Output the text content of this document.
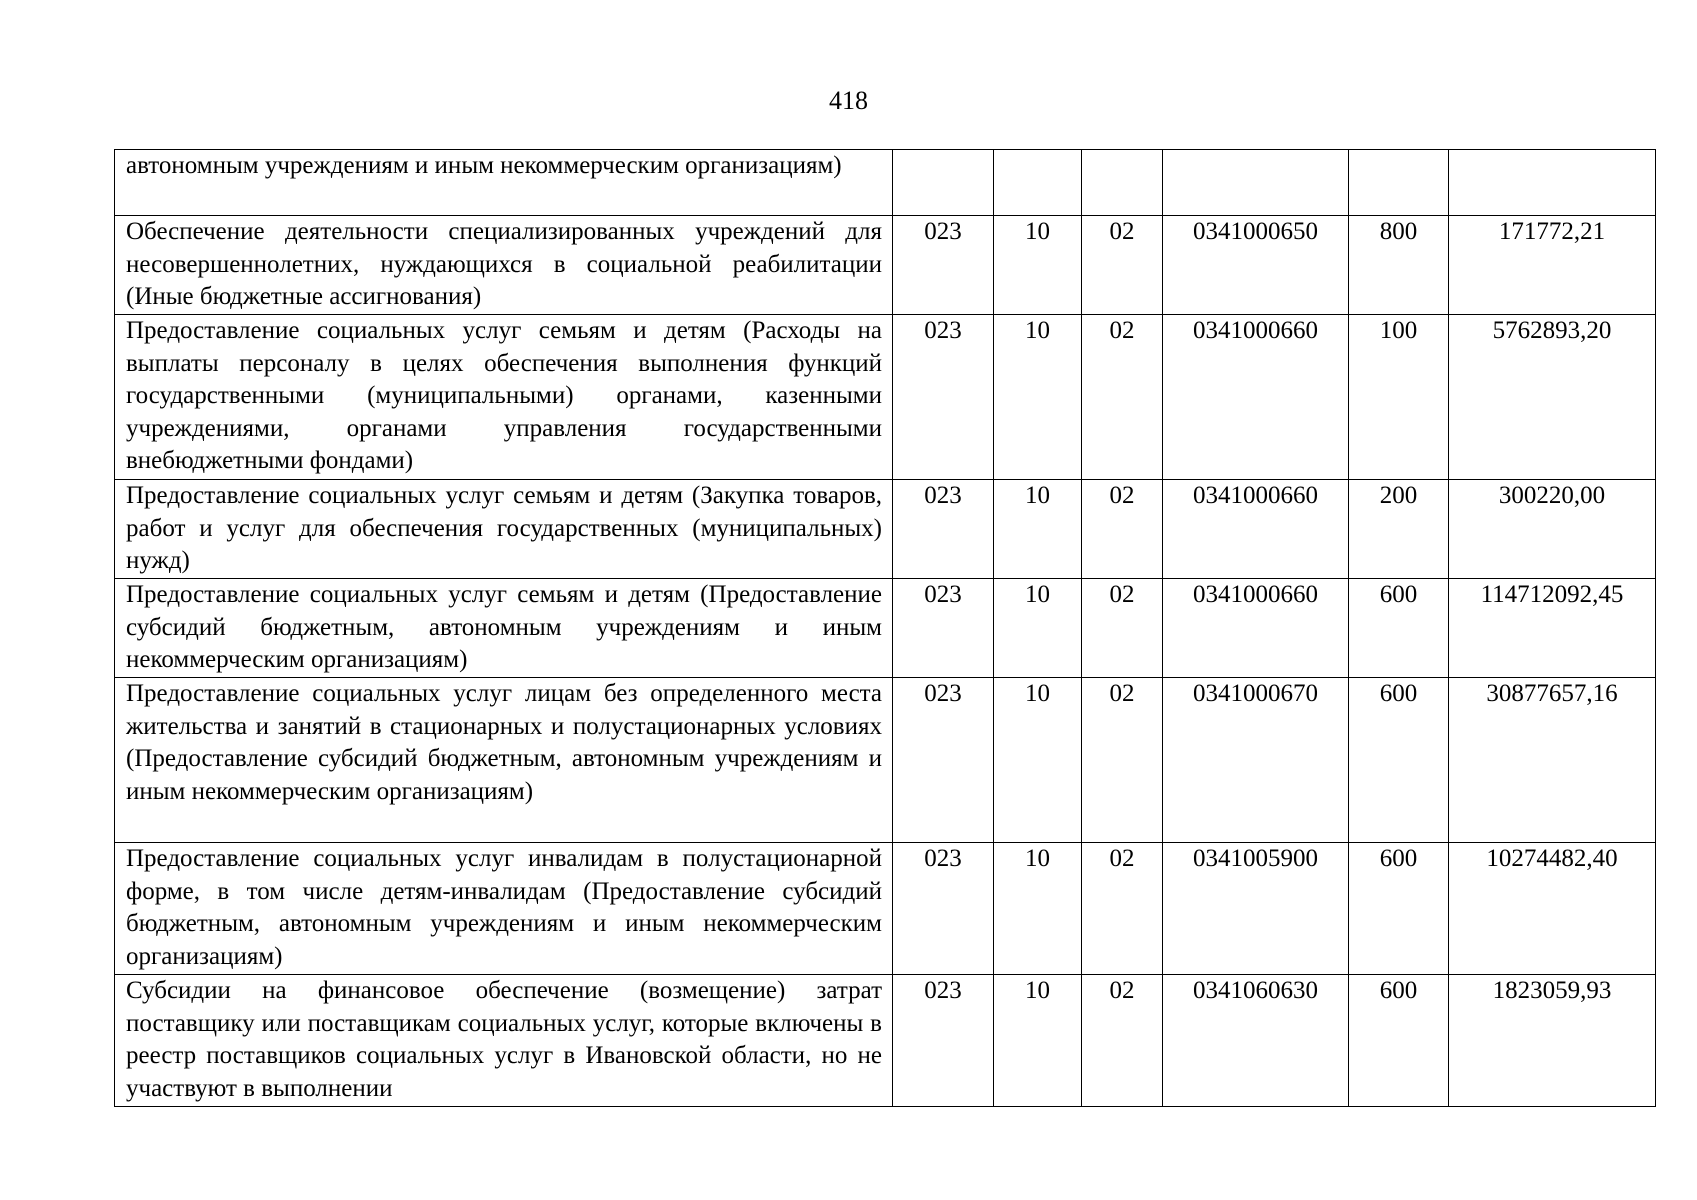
418
автономным учреждениям и иным некоммерческим организациям)						
Обеспечение деятельности специализированных учреждений для несовершеннолетних, нуждающихся в социальной реабилитации (Иные бюджетные ассигнования)	023	10	02	0341000650	800	171772,21
Предоставление социальных услуг семьям и детям (Расходы на выплаты персоналу в целях обеспечения выполнения функций государственными (муниципальными) органами, казенными учреждениями, органами управления государственными внебюджетными фондами)	023	10	02	0341000660	100	5762893,20
Предоставление социальных услуг семьям и детям (Закупка товаров, работ и услуг для обеспечения государственных (муниципальных) нужд)	023	10	02	0341000660	200	300220,00
Предоставление социальных услуг семьям и детям (Предоставление субсидий бюджетным, автономным учреждениям и иным некоммерческим организациям)	023	10	02	0341000660	600	114712092,45
Предоставление социальных услуг лицам без определенного места жительства и занятий в стационарных и полустационарных условиях (Предоставление субсидий бюджетным, автономным учреждениям и иным некоммерческим организациям)	023	10	02	0341000670	600	30877657,16
Предоставление социальных услуг инвалидам в полустационарной форме, в том числе детям-инвалидам (Предоставление субсидий бюджетным, автономным учреждениям и иным некоммерческим организациям)	023	10	02	0341005900	600	10274482,40
Субсидии на финансовое обеспечение (возмещение) затрат поставщику или поставщикам социальных услуг, которые включены в реестр поставщиков социальных услуг в Ивановской области, но не участвуют в выполнении	023	10	02	0341060630	600	1823059,93
